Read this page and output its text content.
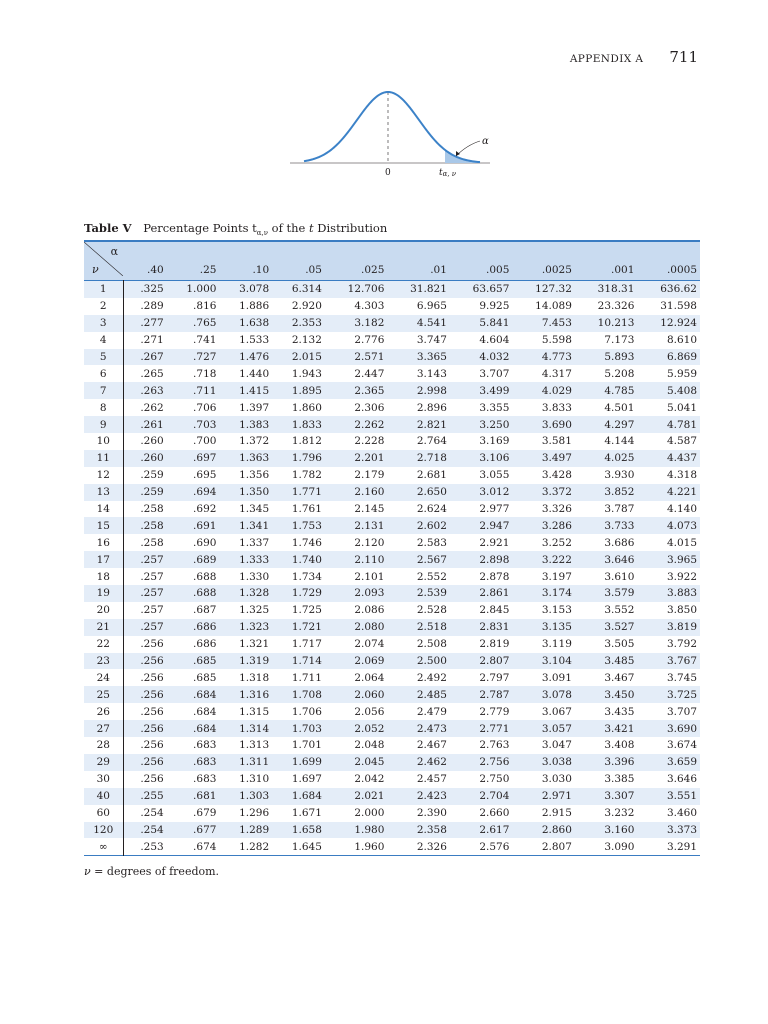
APPENDIX A 711
α
0	tα, ν
Table V Percentage Points $t_{\alpha,\nu}$ of the t Distribution
α
ν	.40	.25	.10	.05	.025	.01	.005	.0025	.001	.0005
1	.325	1.000	3.078	6.314	12.706	31.821	63.657	127.32	318.31	636.62
2	.289	.816	1.886	2.920	4.303	6.965	9.925	14.089	23.326	31.598
3	.277	.765	1.638	2.353	3.182	4.541	5.841	7.453	10.213	12.924
4	.271	.741	1.533	2.132	2.776	3.747	4.604	5.598	7.173	8.610
5	.267	.727	1.476	2.015	2.571	3.365	4.032	4.773	5.893	6.869
6	.265	.718	1.440	1.943	2.447	3.143	3.707	4.317	5.208	5.959
7	.263	.711	1.415	1.895	2.365	2.998	3.499	4.029	4.785	5.408
8	.262	.706	1.397	1.860	2.306	2.896	3.355	3.833	4.501	5.041
9	.261	.703	1.383	1.833	2.262	2.821	3.250	3.690	4.297	4.781
10	.260	.700	1.372	1.812	2.228	2.764	3.169	3.581	4.144	4.587
11	.260	.697	1.363	1.796	2.201	2.718	3.106	3.497	4.025	4.437
12	.259	.695	1.356	1.782	2.179	2.681	3.055	3.428	3.930	4.318
13	.259	.694	1.350	1.771	2.160	2.650	3.012	3.372	3.852	4.221
14	.258	.692	1.345	1.761	2.145	2.624	2.977	3.326	3.787	4.140
15	.258	.691	1.341	1.753	2.131	2.602	2.947	3.286	3.733	4.073
16	.258	.690	1.337	1.746	2.120	2.583	2.921	3.252	3.686	4.015
17	.257	.689	1.333	1.740	2.110	2.567	2.898	3.222	3.646	3.965
18	.257	.688	1.330	1.734	2.101	2.552	2.878	3.197	3.610	3.922
19	.257	.688	1.328	1.729	2.093	2.539	2.861	3.174	3.579	3.883
20	.257	.687	1.325	1.725	2.086	2.528	2.845	3.153	3.552	3.850
21	.257	.686	1.323	1.721	2.080	2.518	2.831	3.135	3.527	3.819
22	.256	.686	1.321	1.717	2.074	2.508	2.819	3.119	3.505	3.792
23	.256	.685	1.319	1.714	2.069	2.500	2.807	3.104	3.485	3.767
24	.256	.685	1.318	1.711	2.064	2.492	2.797	3.091	3.467	3.745
25	.256	.684	1.316	1.708	2.060	2.485	2.787	3.078	3.450	3.725
26	.256	.684	1.315	1.706	2.056	2.479	2.779	3.067	3.435	3.707
27	.256	.684	1.314	1.703	2.052	2.473	2.771	3.057	3.421	3.690
28	.256	.683	1.313	1.701	2.048	2.467	2.763	3.047	3.408	3.674
29	.256	.683	1.311	1.699	2.045	2.462	2.756	3.038	3.396	3.659
30	.256	.683	1.310	1.697	2.042	2.457	2.750	3.030	3.385	3.646
40	.255	.681	1.303	1.684	2.021	2.423	2.704	2.971	3.307	3.551
60	.254	.679	1.296	1.671	2.000	2.390	2.660	2.915	3.232	3.460
120	.254	.677	1.289	1.658	1.980	2.358	2.617	2.860	3.160	3.373
∞	.253	.674	1.282	1.645	1.960	2.326	2.576	2.807	3.090	3.291
ν = degrees of freedom.
